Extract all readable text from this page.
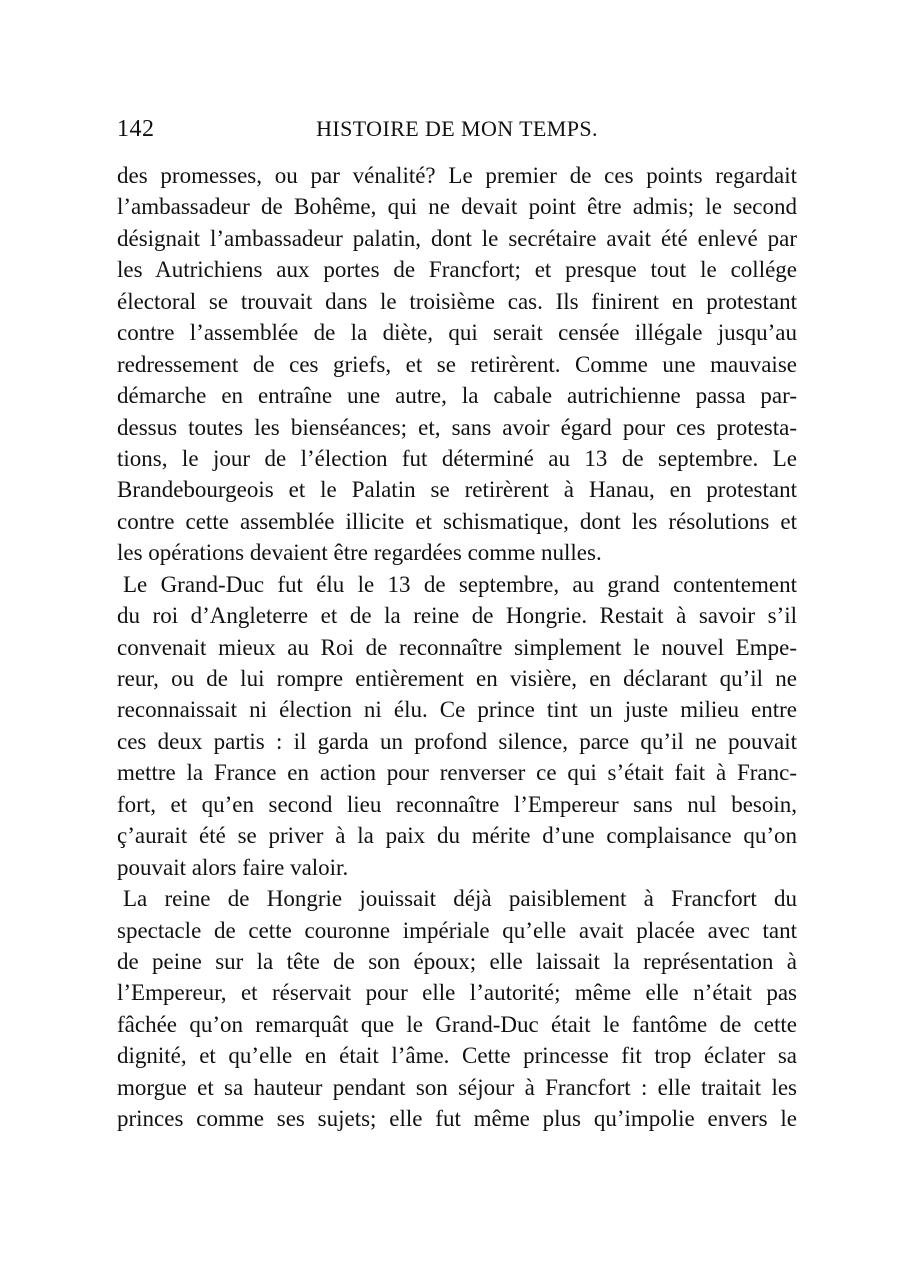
142	HISTOIRE DE MON TEMPS.
des promesses, ou par vénalité? Le premier de ces points regardait
l’ambassadeur de Bohême, qui ne devait point être admis; le second
désignait l’ambassadeur palatin, dont le secrétaire avait été enlevé par
les Autrichiens aux portes de Francfort; et presque tout le collége
électoral se trouvait dans le troisième cas. Ils finirent en protestant
contre l’assemblée de la diète, qui serait censée illégale jusqu’au
redressement de ces griefs, et se retirèrent. Comme une mauvaise
démarche en entraîne une autre, la cabale autrichienne passa par-
dessus toutes les bienséances; et, sans avoir égard pour ces protesta-
tions, le jour de l’élection fut déterminé au 13 de septembre. Le
Brandebourgeois et le Palatin se retirèrent à Hanau, en protestant
contre cette assemblée illicite et schismatique, dont les résolutions et
les opérations devaient être regardées comme nulles.
Le Grand-Duc fut élu le 13 de septembre, au grand contentement
du roi d’Angleterre et de la reine de Hongrie. Restait à savoir s’il
convenait mieux au Roi de reconnaître simplement le nouvel Empe-
reur, ou de lui rompre entièrement en visière, en déclarant qu’il ne
reconnaissait ni élection ni élu. Ce prince tint un juste milieu entre
ces deux partis : il garda un profond silence, parce qu’il ne pouvait
mettre la France en action pour renverser ce qui s’était fait à Franc-
fort, et qu’en second lieu reconnaître l’Empereur sans nul besoin,
ç’aurait été se priver à la paix du mérite d’une complaisance qu’on
pouvait alors faire valoir.
La reine de Hongrie jouissait déjà paisiblement à Francfort du
spectacle de cette couronne impériale qu’elle avait placée avec tant
de peine sur la tête de son époux; elle laissait la représentation à
l’Empereur, et réservait pour elle l’autorité; même elle n’était pas
fâchée qu’on remarquât que le Grand-Duc était le fantôme de cette
dignité, et qu’elle en était l’âme. Cette princesse fit trop éclater sa
morgue et sa hauteur pendant son séjour à Francfort : elle traitait les
princes comme ses sujets; elle fut même plus qu’impolie envers le
